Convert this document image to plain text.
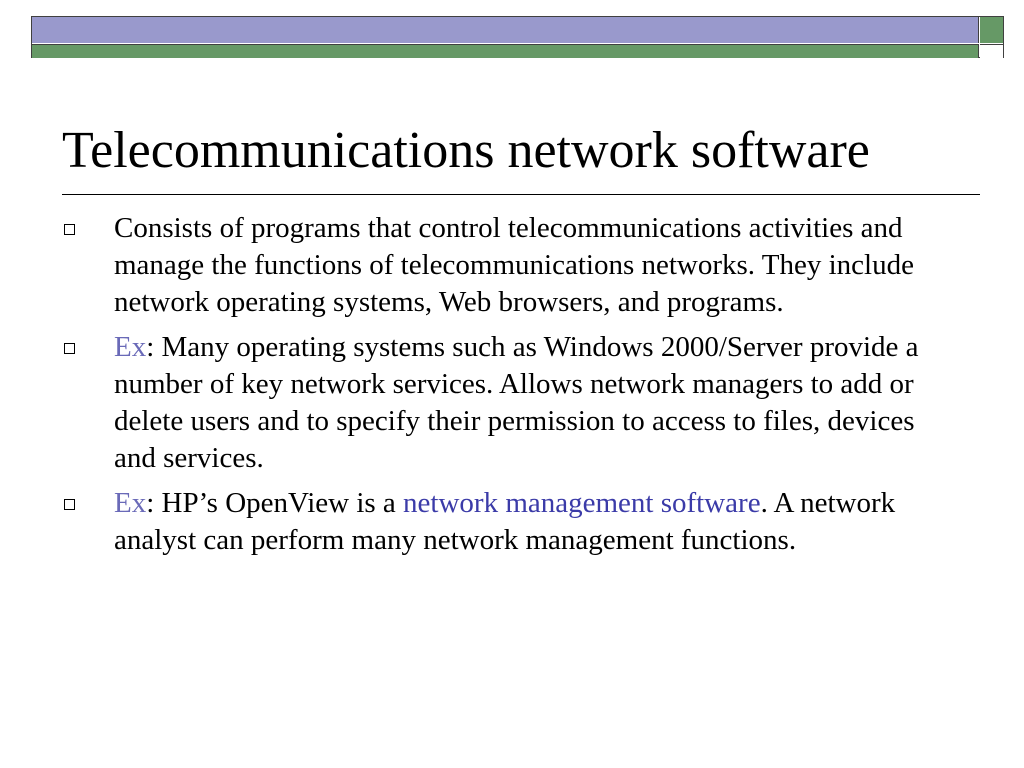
Telecommunications network software
Consists of programs that control telecommunications activities and manage the functions of telecommunications networks. They include network operating systems, Web browsers, and programs.
Ex: Many operating systems such as Windows 2000/Server provide a number of key network services. Allows network managers to add or delete users and to specify their permission to access to files, devices and services.
Ex: HP’s OpenView is a network management software. A network analyst can perform many network management functions.
